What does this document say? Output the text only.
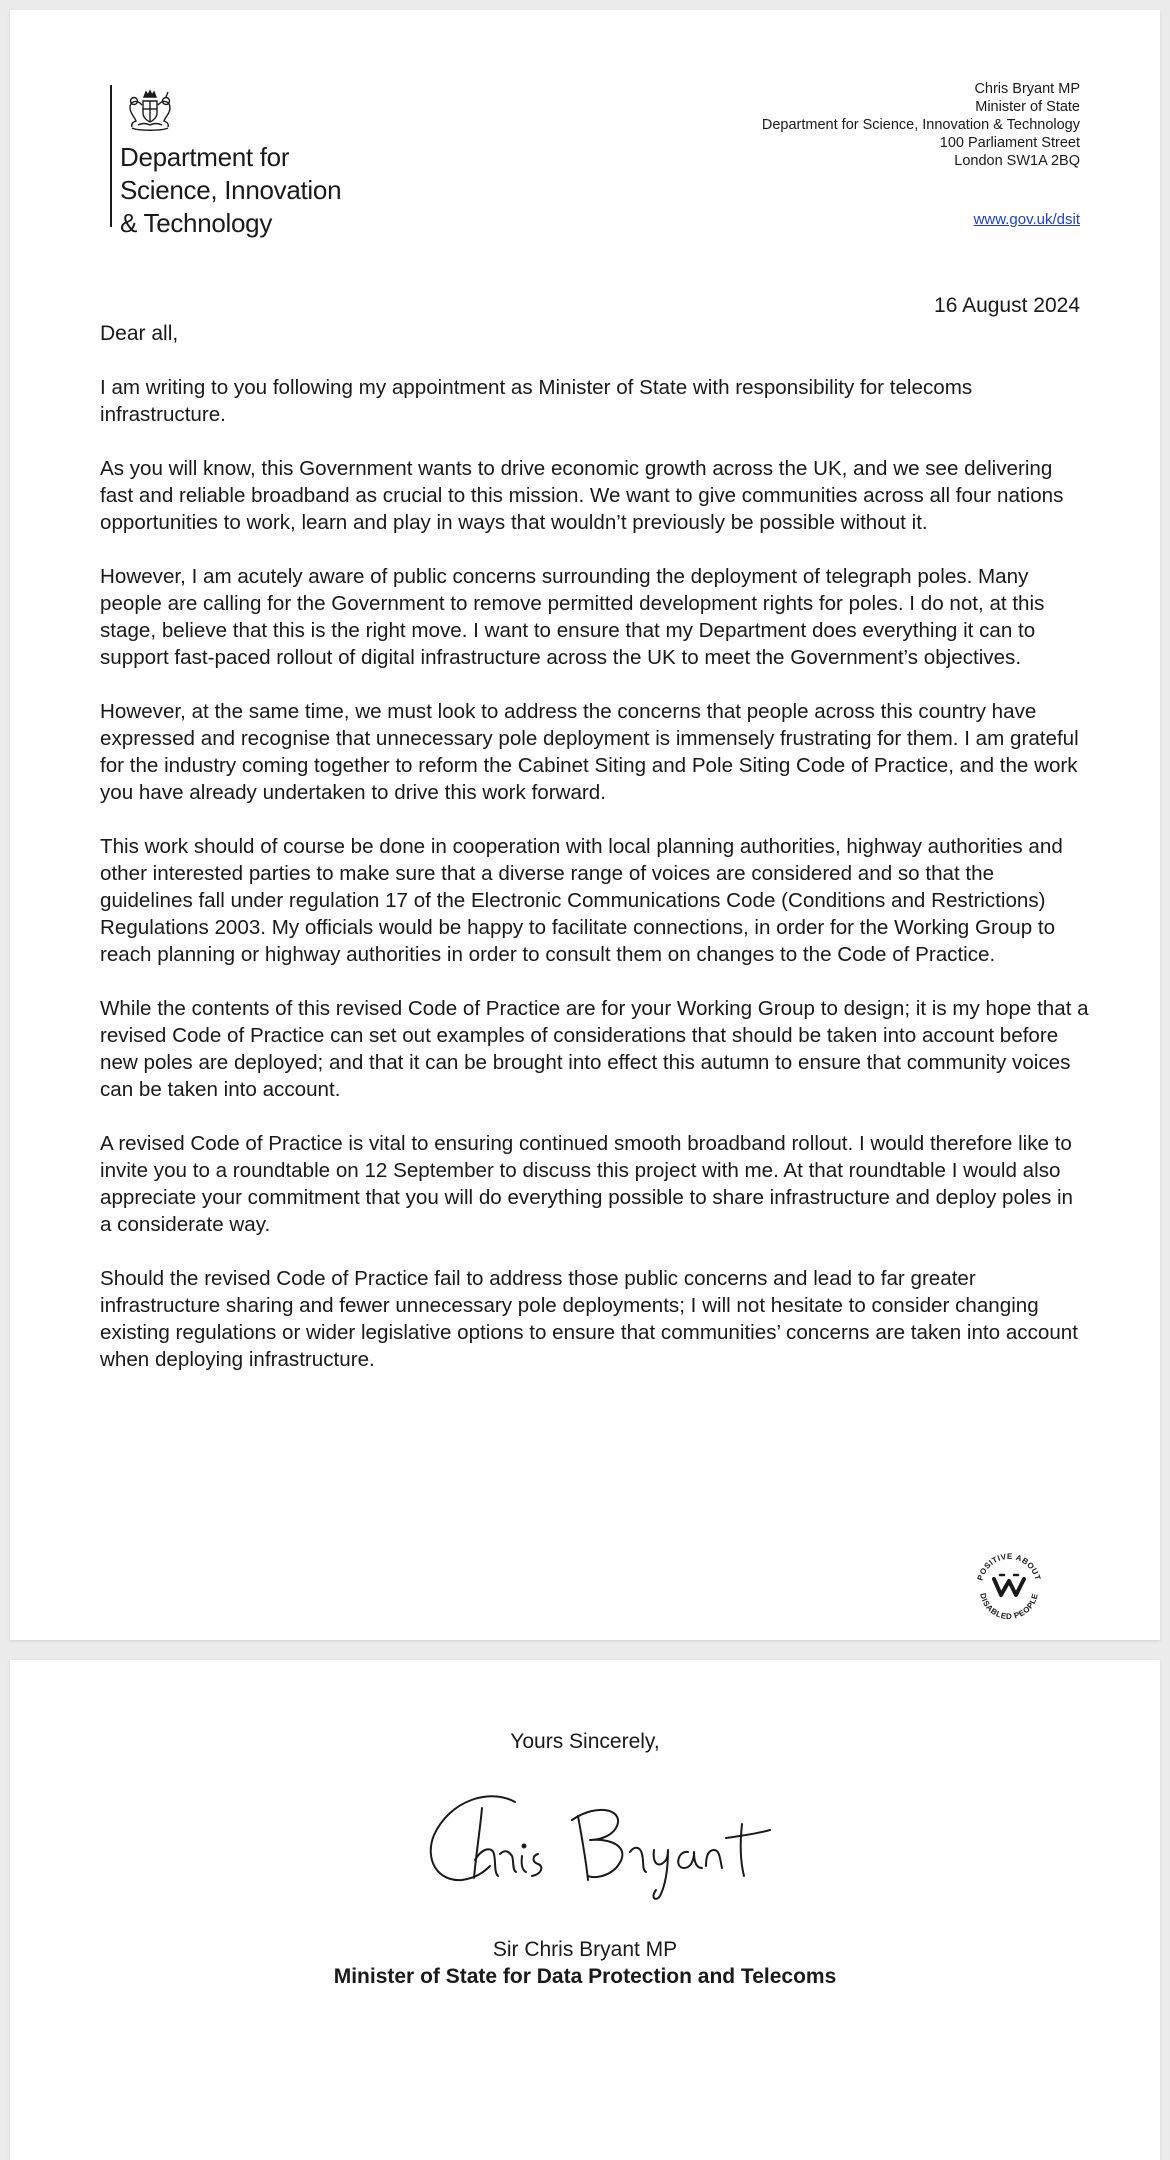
Department for
Science, Innovation
& Technology
Chris Bryant MP
Minister of State
Department for Science, Innovation & Technology
100 Parliament Street
London SW1A 2BQ
www.gov.uk/dsit
16 August 2024
Dear all,

I am writing to you following my appointment as Minister of State with responsibility for telecoms infrastructure.

As you will know, this Government wants to drive economic growth across the UK, and we see delivering fast and reliable broadband as crucial to this mission. We want to give communities across all four nations opportunities to work, learn and play in ways that wouldn’t previously be possible without it.

However, I am acutely aware of public concerns surrounding the deployment of telegraph poles. Many people are calling for the Government to remove permitted development rights for poles. I do not, at this stage, believe that this is the right move. I want to ensure that my Department does everything it can to support fast-paced rollout of digital infrastructure across the UK to meet the Government’s objectives.

However, at the same time, we must look to address the concerns that people across this country have expressed and recognise that unnecessary pole deployment is immensely frustrating for them. I am grateful for the industry coming together to reform the Cabinet Siting and Pole Siting Code of Practice, and the work you have already undertaken to drive this work forward.

This work should of course be done in cooperation with local planning authorities, highway authorities and other interested parties to make sure that a diverse range of voices are considered and so that the guidelines fall under regulation 17 of the Electronic Communications Code (Conditions and Restrictions) Regulations 2003. My officials would be happy to facilitate connections, in order for the Working Group to reach planning or highway authorities in order to consult them on changes to the Code of Practice.

While the contents of this revised Code of Practice are for your Working Group to design; it is my hope that a revised Code of Practice can set out examples of considerations that should be taken into account before new poles are deployed; and that it can be brought into effect this autumn to ensure that community voices can be taken into account.

A revised Code of Practice is vital to ensuring continued smooth broadband rollout. I would therefore like to invite you to a roundtable on 12 September to discuss this project with me. At that roundtable I would also appreciate your commitment that you will do everything possible to share infrastructure and deploy poles in a considerate way.

Should the revised Code of Practice fail to address those public concerns and lead to far greater infrastructure sharing and fewer unnecessary pole deployments; I will not hesitate to consider changing existing regulations or wider legislative options to ensure that communities’ concerns are taken into account when deploying infrastructure.

POSITIVE ABOUT
DISABLED PEOPLE
Yours Sincerely,
Sir Chris Bryant MP
Minister of State for Data Protection and Telecoms
